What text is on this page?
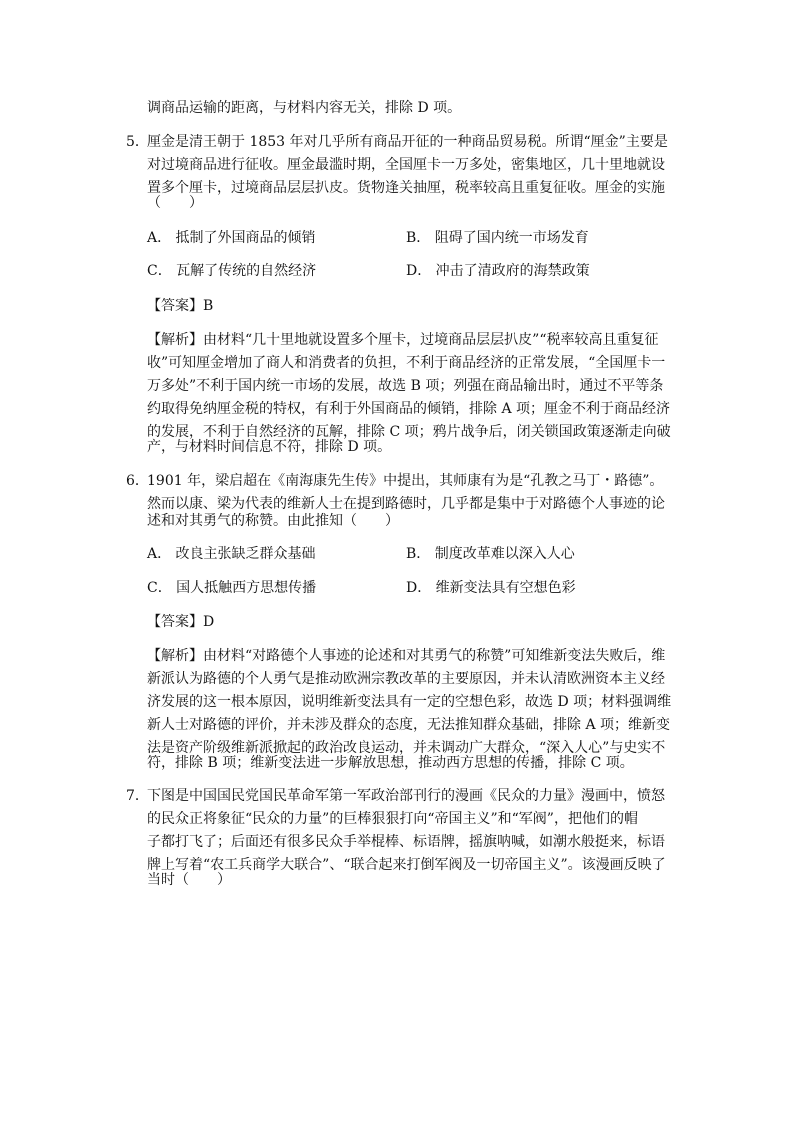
调商品运输的距离，与材料内容无关，排除 D 项。
5．
厘金是清王朝于 1853 年对几乎所有商品开征的一种商品贸易税。所谓“厘金”主要是
对过境商品进行征收。厘金最滥时期，全国厘卡一万多处，密集地区，几十里地就设
置多个厘卡，过境商品层层扒皮。货物逢关抽厘，税率较高且重复征收。厘金的实施
（　　）
A． 抵制了外国商品的倾销	B． 阻碍了国内统一市场发育
C． 瓦解了传统的自然经济	D． 冲击了清政府的海禁政策
【答案】B
【解析】由材料“几十里地就设置多个厘卡，过境商品层层扒皮”“税率较高且重复征
收”可知厘金增加了商人和消费者的负担，不利于商品经济的正常发展，“全国厘卡一
万多处”不利于国内统一市场的发展，故选 B 项；列强在商品输出时，通过不平等条
约取得免纳厘金税的特权，有利于外国商品的倾销，排除 A 项；厘金不利于商品经济
的发展，不利于自然经济的瓦解，排除 C 项；鸦片战争后，闭关锁国政策逐渐走向破
产，与材料时间信息不符，排除 D 项。
6．
1901 年，梁启超在《南海康先生传》中提出，其师康有为是“孔教之马丁・路德”。
然而以康、梁为代表的维新人士在提到路德时，几乎都是集中于对路德个人事迹的论
述和对其勇气的称赞。由此推知（　　）
A． 改良主张缺乏群众基础	B． 制度改革难以深入人心
C． 国人抵触西方思想传播	D． 维新变法具有空想色彩
【答案】D
【解析】由材料“对路德个人事迹的论述和对其勇气的称赞”可知维新变法失败后，维
新派认为路德的个人勇气是推动欧洲宗教改革的主要原因，并未认清欧洲资本主义经
济发展的这一根本原因，说明维新变法具有一定的空想色彩，故选 D 项；材料强调维
新人士对路德的评价，并未涉及群众的态度，无法推知群众基础，排除 A 项；维新变
法是资产阶级维新派掀起的政治改良运动，并未调动广大群众，“深入人心”与史实不
符，排除 B 项；维新变法进一步解放思想，推动西方思想的传播，排除 C 项。
7．
下图是中国国民党国民革命军第一军政治部刊行的漫画《民众的力量》漫画中，愤怒
的民众正将象征“民众的力量”的巨棒狠狠打向“帝国主义”和“军阀”，把他们的帽
子都打飞了；后面还有很多民众手举棍棒、标语牌，摇旗呐喊，如潮水般挺来，标语
牌上写着“农工兵商学大联合”、“联合起来打倒军阀及一切帝国主义”。该漫画反映了
当时（　　）
